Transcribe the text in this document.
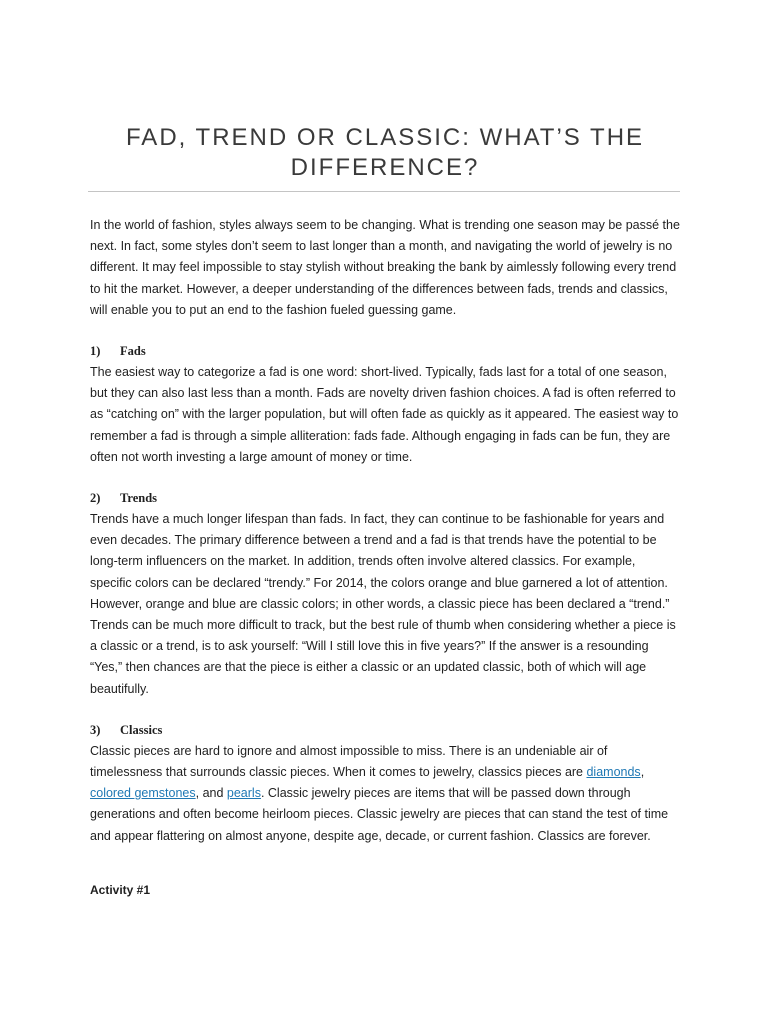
FAD, TREND OR CLASSIC: WHAT’S THE
DIFFERENCE?

In the world of fashion, styles always seem to be changing. What is trending one season may be passé the next. In fact, some styles don’t seem to last longer than a month, and navigating the world of jewelry is no different. It may feel impossible to stay stylish without breaking the bank by aimlessly following every trend to hit the market. However, a deeper understanding of the differences between fads, trends and classics, will enable you to put an end to the fashion fueled guessing game.

1) Fads

The easiest way to categorize a fad is one word: short-lived. Typically, fads last for a total of one season, but they can also last less than a month. Fads are novelty driven fashion choices. A fad is often referred to as “catching on” with the larger population, but will often fade as quickly as it appeared. The easiest way to remember a fad is through a simple alliteration: fads fade. Although engaging in fads can be fun, they are often not worth investing a large amount of money or time.

2) Trends

Trends have a much longer lifespan than fads. In fact, they can continue to be fashionable for years and even decades. The primary difference between a trend and a fad is that trends have the potential to be long-term influencers on the market. In addition, trends often involve altered classics. For example, specific colors can be declared “trendy.” For 2014, the colors orange and blue garnered a lot of attention. However, orange and blue are classic colors; in other words, a classic piece has been declared a “trend.” Trends can be much more difficult to track, but the best rule of thumb when considering whether a piece is a classic or a trend, is to ask yourself: “Will I still love this in five years?” If the answer is a resounding “Yes,” then chances are that the piece is either a classic or an updated classic, both of which will age beautifully.

3) Classics

Classic pieces are hard to ignore and almost impossible to miss. There is an undeniable air of timelessness that surrounds classic pieces. When it comes to jewelry, classics pieces are diamonds, colored gemstones, and pearls. Classic jewelry pieces are items that will be passed down through generations and often become heirloom pieces. Classic jewelry are pieces that can stand the test of time and appear flattering on almost anyone, despite age, decade, or current fashion. Classics are forever.

Activity #1
